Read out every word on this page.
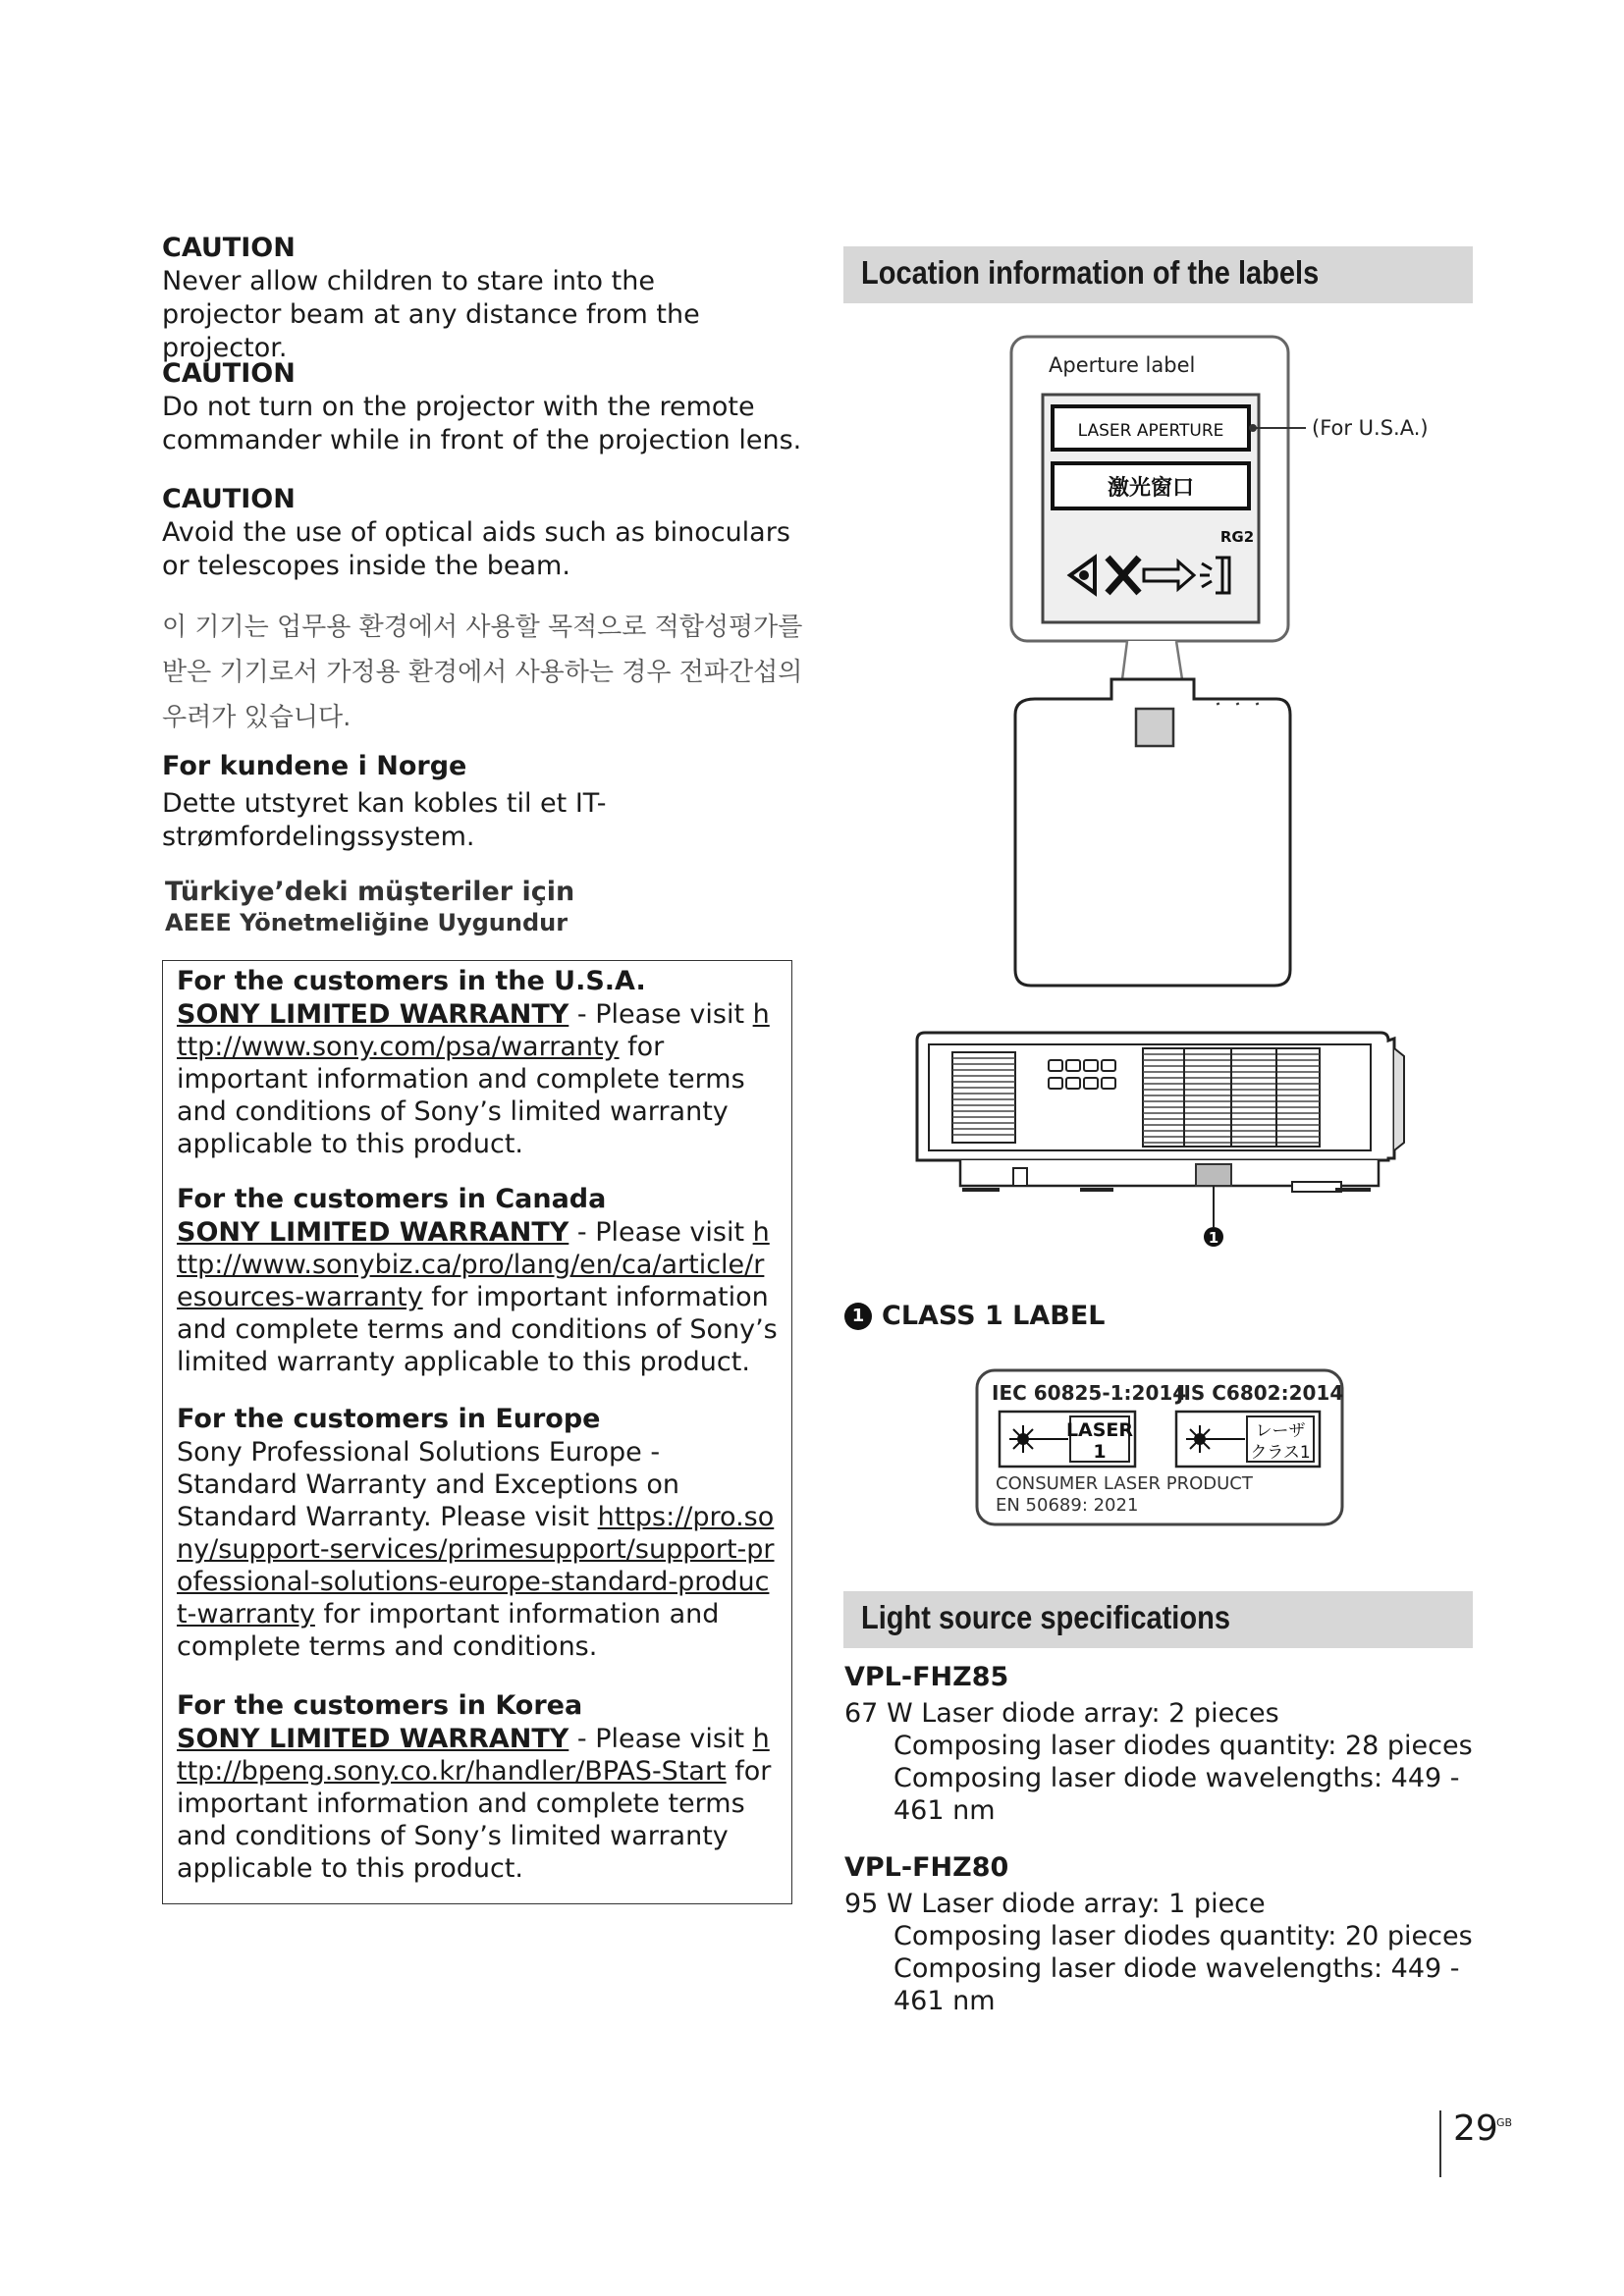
CAUTION
Never allow children to stare into the projector beam at any distance from the projector.
CAUTION
Do not turn on the projector with the remote commander while in front of the projection lens.
CAUTION
Avoid the use of optical aids such as binoculars or telescopes inside the beam.
이 기기는 업무용 환경에서 사용할 목적으로 적합성평가를
받은 기기로서 가정용 환경에서 사용하는 경우 전파간섭의
우려가 있습니다.
For kundene i Norge
Dette utstyret kan kobles til et IT-
strømfordelingssystem.
Türkiye’deki müşteriler için
AEEE Yönetmeliğine Uygundur
For the customers in the U.S.A.
SONY LIMITED WARRANTY - Please visit http://www.sony.com/psa/warranty for important information and complete terms and conditions of Sony’s limited warranty applicable to this product.
For the customers in Canada
SONY LIMITED WARRANTY - Please visit http://www.sonybiz.ca/pro/lang/en/ca/article/resources-warranty for important information and complete terms and conditions of Sony’s limited warranty applicable to this product.
For the customers in Europe
Sony Professional Solutions Europe - Standard Warranty and Exceptions on Standard Warranty. Please visit https://pro.sony/support-services/primesupport/support-professional-solutions-europe-standard-product-warranty for important information and complete terms and conditions.
For the customers in Korea
SONY LIMITED WARRANTY - Please visit http://bpeng.sony.co.kr/handler/BPAS-Start for important information and complete terms and conditions of Sony’s limited warranty applicable to this product.
Location information of the labels
Aperture label
LASER APERTURE
激光窗口
RG2
(For U.S.A.)
1
1 CLASS 1 LABEL
IEC 60825-1:2014
JIS C6802:2014
LASER
1
レーザ
クラス1
CONSUMER LASER PRODUCT
EN 50689: 2021
Light source specifications
VPL-FHZ85
67 W Laser diode array: 2 pieces
Composing laser diodes quantity: 28 pieces
Composing laser diode wavelengths: 449 -
461 nm
VPL-FHZ80
95 W Laser diode array: 1 piece
Composing laser diodes quantity: 20 pieces
Composing laser diode wavelengths: 449 -
461 nm
29
GB
